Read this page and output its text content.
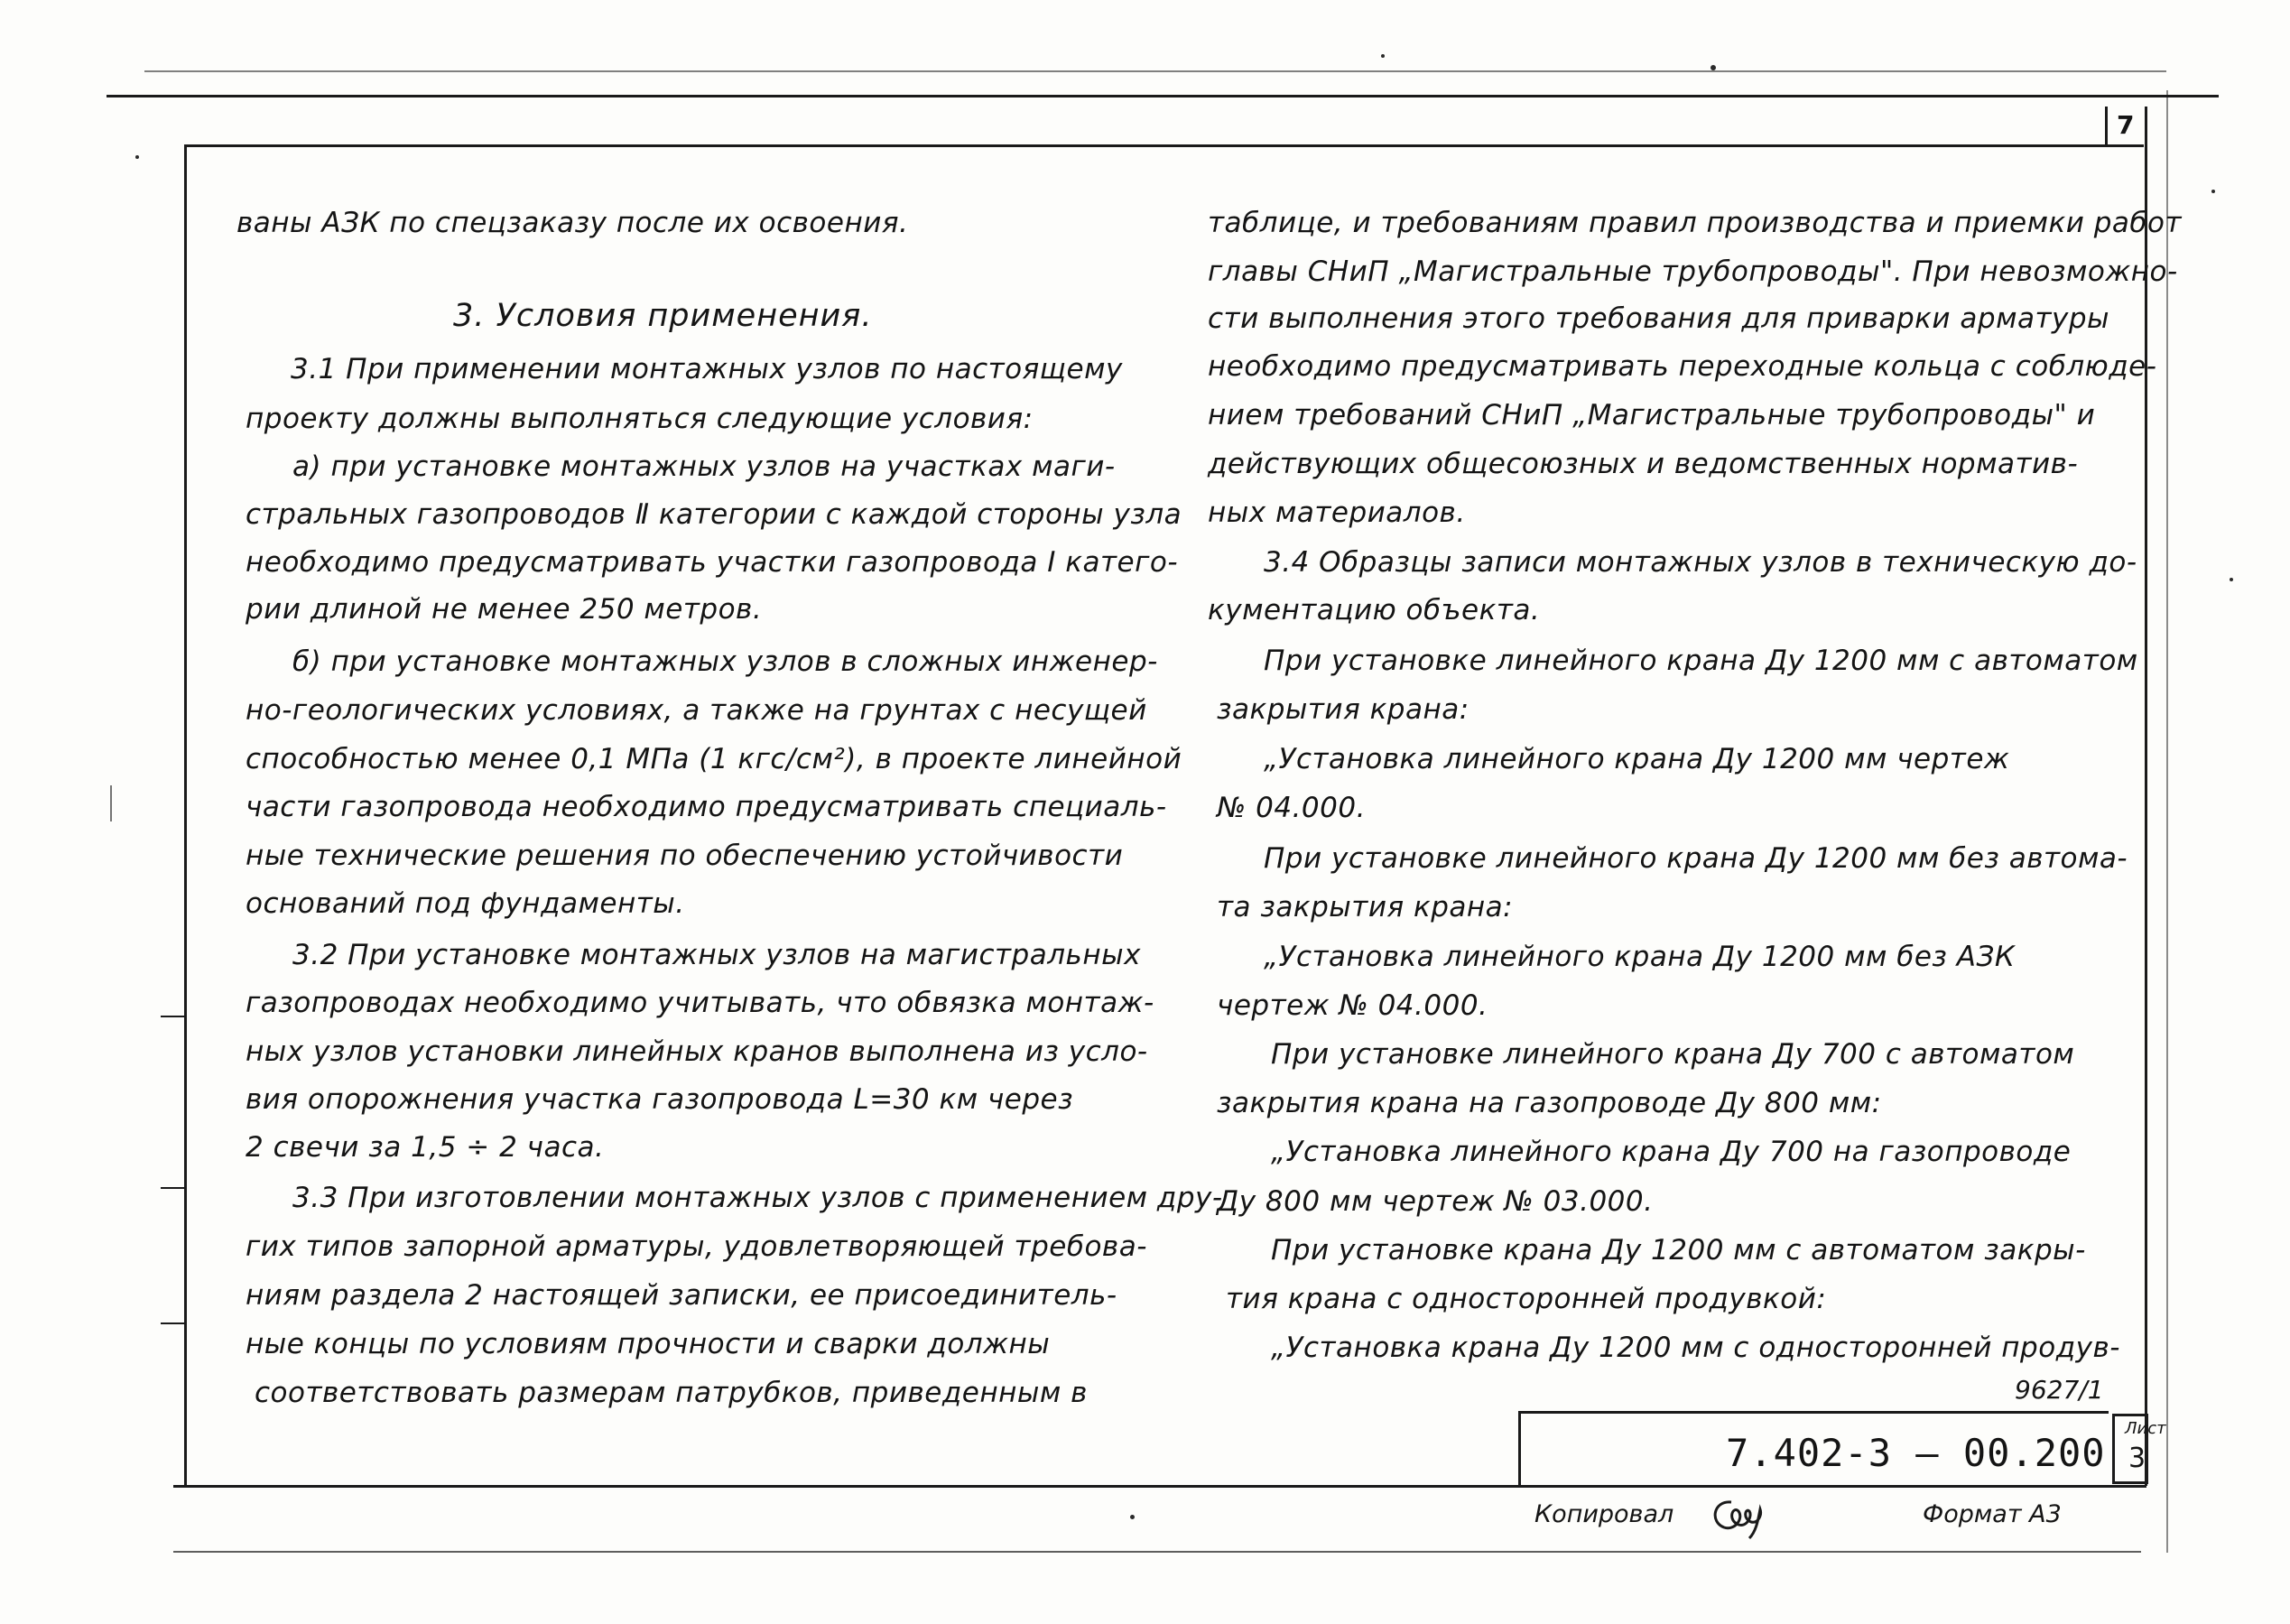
7
ваны АЗК по спецзаказу после их освоения.
3. Условия применения.
3.1 При применении монтажных узлов по настоящему
проекту должны выполняться следующие условия:
а) при установке монтажных узлов на участках маги-
стральных газопроводов Ⅱ категории с каждой стороны узла
необходимо предусматривать участки газопровода Ⅰ катего-
рии длиной не менее 250 метров.
б) при установке монтажных узлов в сложных инженер-
но-геологических условиях, а также на грунтах с несущей
способностью менее 0,1 МПа (1 кгс/см²), в проекте линейной
части газопровода необходимо предусматривать специаль-
ные технические решения по обеспечению устойчивости
оснований под фундаменты.
3.2 При установке монтажных узлов на магистральных
газопроводах необходимо учитывать, что обвязка монтаж-
ных узлов установки линейных кранов выполнена из усло-
вия опорожнения участка газопровода L=30 км через
2 свечи за 1,5 ÷ 2 часа.
3.3 При изготовлении монтажных узлов с применением дру-
гих типов запорной арматуры, удовлетворяющей требова-
ниям раздела 2 настоящей записки, ее присоединитель-
ные концы по условиям прочности и сварки должны
соответствовать размерам патрубков, приведенным в
таблице, и требованиям правил производства и приемки работ
главы СНиП „Магистральные трубопроводы". При невозможно-
сти выполнения этого требования для приварки арматуры
необходимо предусматривать переходные кольца с соблюде-
нием требований СНиП „Магистральные трубопроводы" и
действующих общесоюзных и ведомственных норматив-
ных материалов.
3.4 Образцы записи монтажных узлов в техническую до-
кументацию объекта.
При установке линейного крана Ду 1200 мм с автоматом
закрытия крана:
„Установка линейного крана Ду 1200 мм чертеж
№ 04.000.
При установке линейного крана Ду 1200 мм без автома-
та закрытия крана:
„Установка линейного крана Ду 1200 мм без АЗК
чертеж № 04.000.
При установке линейного крана Ду 700 с автоматом
закрытия крана на газопроводе Ду 800 мм:
„Установка линейного крана Ду 700 на газопроводе
Ду 800 мм чертеж № 03.000.
При установке крана Ду 1200 мм с автоматом закры-
тия крана с односторонней продувкой:
„Установка крана Ду 1200 мм с односторонней продув-
9627/1
7.402-3 — 00.200
Лист
3
Копировал	Формат А3
